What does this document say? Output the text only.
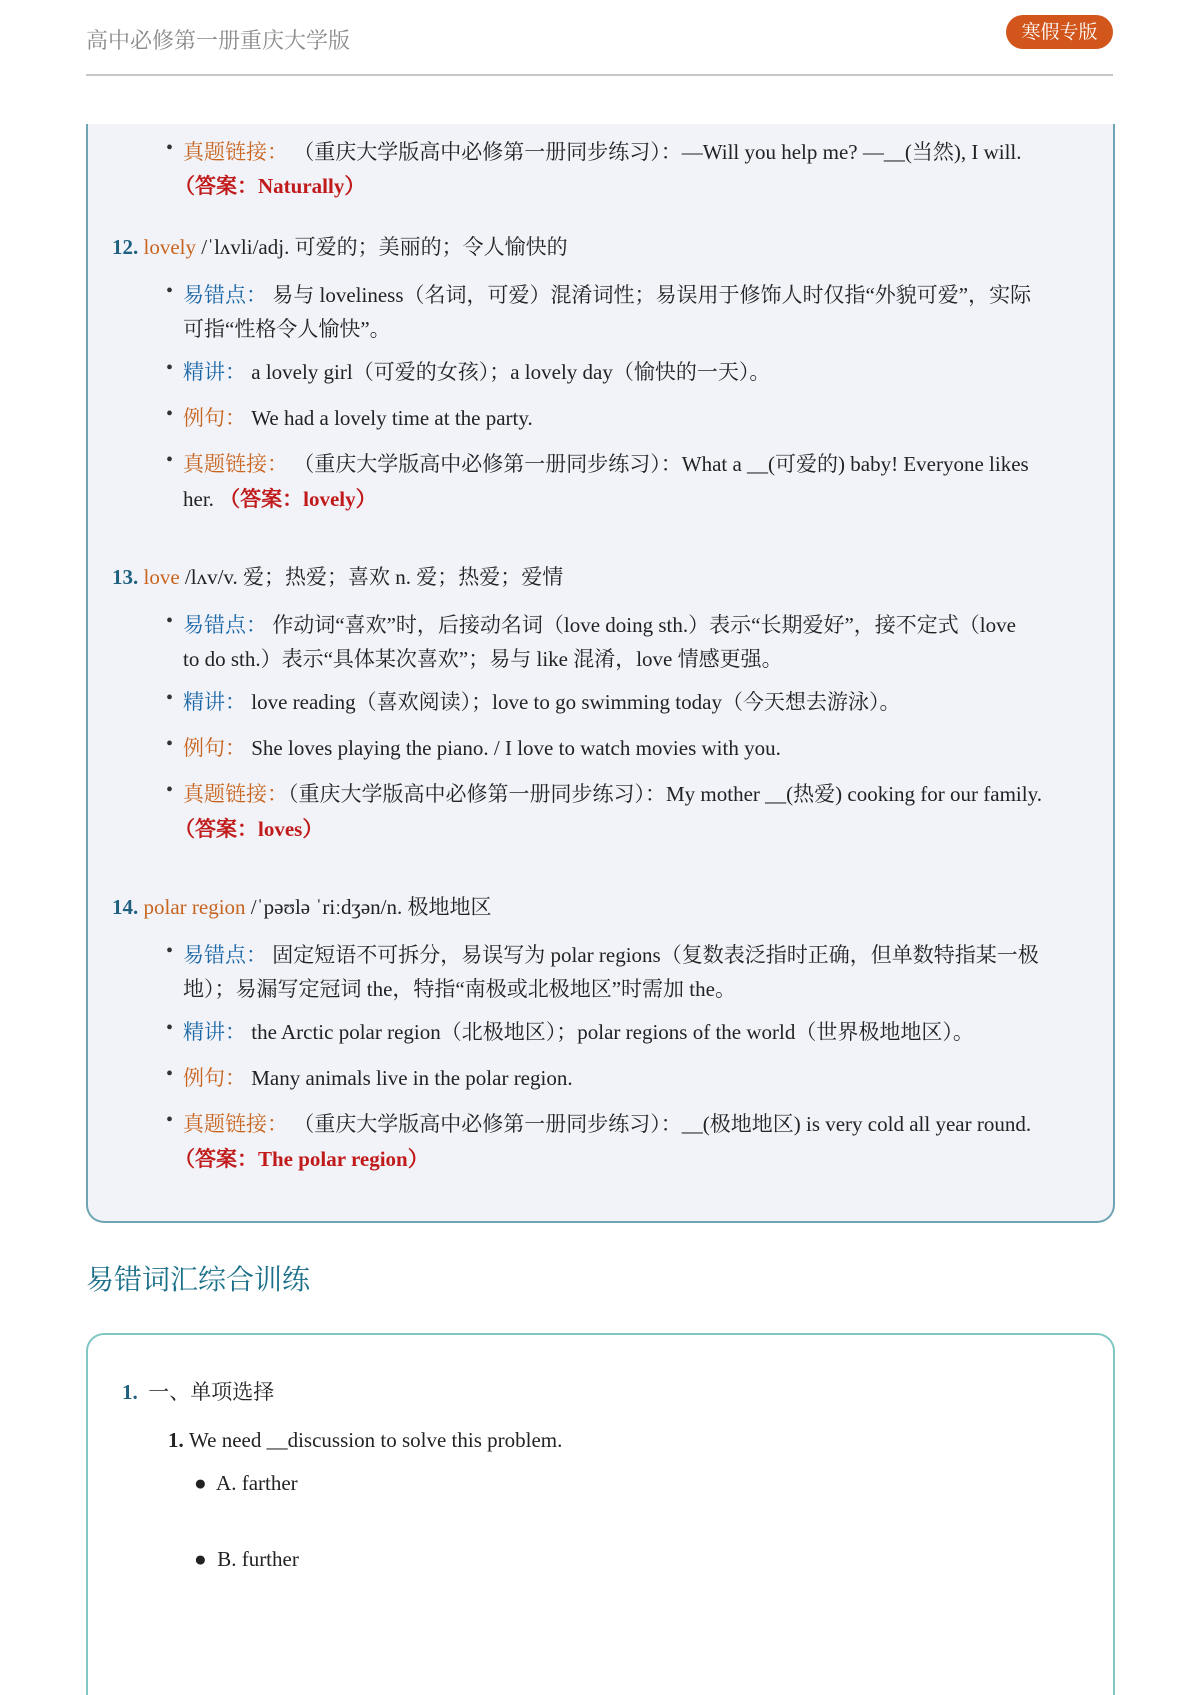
高中必修第一册重庆大学版	寒假专版
• 真题链接： （重庆大学版高中必修第一册同步练习）：—Will you help me? —__(当然), I will.
（答案：Naturally）
12. lovely /ˈlʌvli/adj. 可爱的；美丽的；令人愉快的
• 易错点： 易与 loveliness（名词，可爱）混淆词性；易误用于修饰人时仅指“外貌可爱”，实际
可指“性格令人愉快”。
• 精讲： a lovely girl（可爱的女孩）；a lovely day（愉快的一天）。
• 例句： We had a lovely time at the party.
• 真题链接： （重庆大学版高中必修第一册同步练习）：What a __(可爱的) baby! Everyone likes
her. （答案：lovely）
13. love /lʌv/v. 爱；热爱；喜欢 n. 爱；热爱；爱情
• 易错点： 作动词“喜欢”时，后接动名词（love doing sth.）表示“长期爱好”，接不定式（love
to do sth.）表示“具体某次喜欢”；易与 like 混淆，love 情感更强。
• 精讲： love reading（喜欢阅读）；love to go swimming today（今天想去游泳）。
• 例句： She loves playing the piano. / I love to watch movies with you.
• 真题链接：（重庆大学版高中必修第一册同步练习）：My mother __(热爱) cooking for our family.
（答案：loves）
14. polar region /ˈpəʊlə ˈriːdʒən/n. 极地地区
• 易错点： 固定短语不可拆分，易误写为 polar regions（复数表泛指时正确，但单数特指某一极
地）；易漏写定冠词 the，特指“南极或北极地区”时需加 the。
• 精讲： the Arctic polar region（北极地区）；polar regions of the world（世界极地地区）。
• 例句： Many animals live in the polar region.
• 真题链接： （重庆大学版高中必修第一册同步练习）：__(极地地区) is very cold all year round.
（答案：The polar region）
易错词汇综合训练
1. 一、单项选择
1. We need __discussion to solve this problem.
● A. farther
● B. further
